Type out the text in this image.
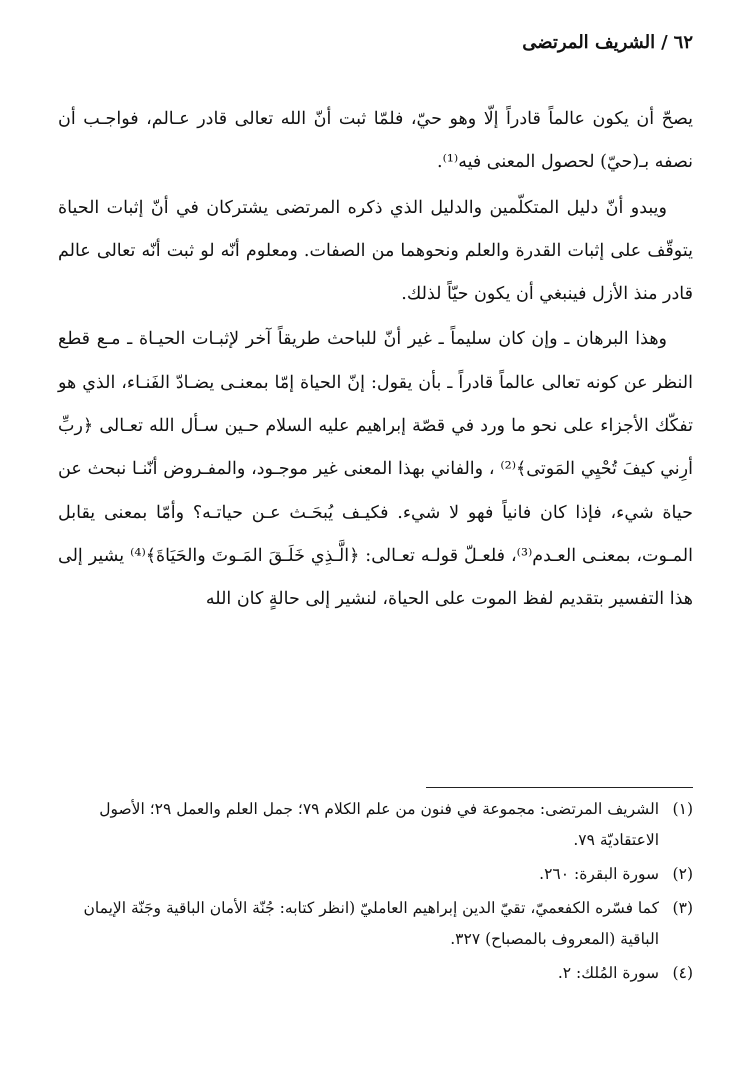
٦٢/الشريف المرتضى

يصحّ أن يكون عالماً قادراً إلّا وهو حيّ، فلمّا ثبت أنّ الله تعالى قادر عـالم، فواجـب أن نصفه بـ(حيّ) لحصول المعنى فيه⁽¹⁾.

ويبدو أنّ دليل المتكلّمين والدليل الذي ذكره المرتضى يشتركان في أنّ إثبات الحياة يتوقّف على إثبات القدرة والعلم ونحوهما من الصفات. ومعلوم أنّه لو ثبت أنّه تعالى عالم قادر منذ الأزل فينبغي أن يكون حيّاً لذلك.

وهذا البرهان ـ وإن كان سليماً ـ غير أنّ للباحث طريقاً آخر لإثبـات الحيـاة ـ مـع قطع النظر عن كونه تعالى عالماً قادراً ـ بأن يقول: إنّ الحياة إمّا بمعنـى يضـادّ الفَنـاء، الذي هو تفكّك الأجزاء على نحو ما ورد في قصّة إبراهيم عليه السلام حـين سـأل الله تعـالى ﴿ربِّ أرِني كيفَ تُحْيِي المَوتى﴾⁽²⁾ ، والفاني بهذا المعنى غير موجـود، والمفـروض أنّنـا نبحث عن حياة شيء، فإذا كان فانياً فهو لا شيء. فكيـف يُبحَـث عـن حياتـه؟ وأمّا بمعنى يقابل المـوت، بمعنـى العـدم⁽³⁾، فلعـلّ قولـه تعـالى: ﴿الَّـذِي خَلَـقَ المَـوتَ والحَيَاةَ﴾⁽⁴⁾ يشير إلى هذا التفسير بتقديم لفظ الموت على الحياة، لنشير إلى حالةٍ كان الله

(١)
الشريف المرتضى: مجموعة في فنون من علم الكلام ٧٩؛ جمل العلم والعمل ٢٩؛ الأصول الاعتقاديّة ٧٩.
(٢)
سورة البقرة: ٢٦٠.
(٣)
كما فسّره الكفعميّ، تقيّ الدين إبراهيم العامليّ (انظر كتابه: جُنّة الأمان الباقية وجَنّة الإيمان الباقية (المعروف بالمصباح) ٣٢٧.
(٤)
سورة المُلك: ٢.
